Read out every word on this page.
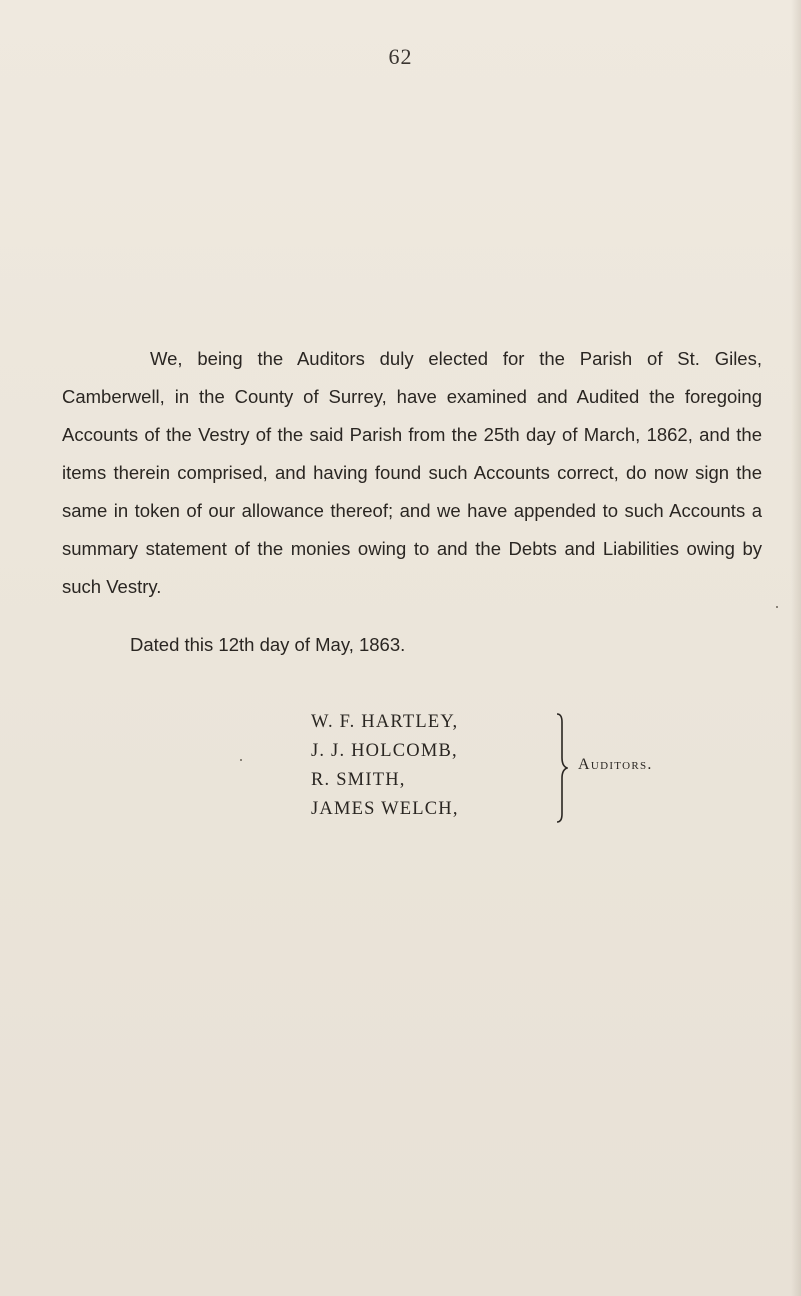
62

We, being the Auditors duly elected for the Parish of St. Giles, Camberwell, in the County of Surrey, have examined and Audited the foregoing Accounts of the Vestry of the said Parish from the 25th day of March, 1862, and the items therein comprised, and having found such Accounts correct, do now sign the same in token of our allowance thereof; and we have appended to such Accounts a summary statement of the monies owing to and the Debts and Liabilities owing by such Vestry.

Dated this 12th day of May, 1863.

W. F. HARTLEY,
J. J. HOLCOMB,
R. SMITH,
JAMES WELCH,
Auditors.
